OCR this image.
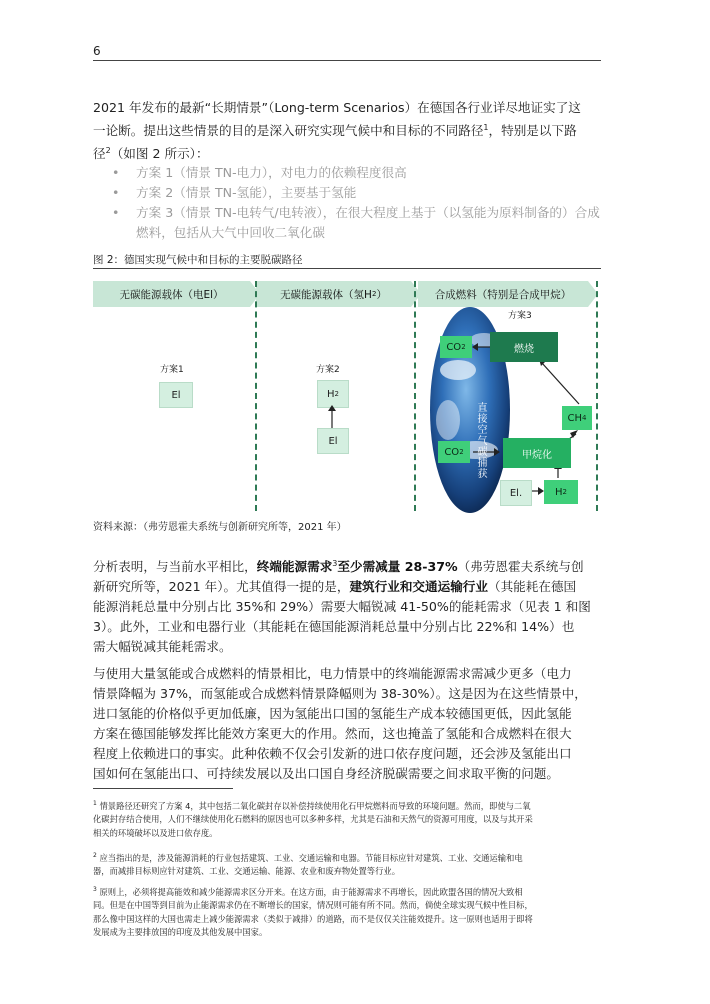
6
2021 年发布的最新“长期情景”（Long-term Scenarios）在德国各行业详尽地证实了这
一论断。提出这些情景的目的是深入研究实现气候中和目标的不同路径$^1$，特别是以下路
径$^2$（如图 2 所示）：
• 方案 1（情景 TN-电力），对电力的依赖程度很高
• 方案 2（情景 TN-氢能），主要基于氢能
• 方案 3（情景 TN-电转气/电转液），在很大程度上基于（以氢能为原料制备的）合成燃料，包括从大气中回收二氧化碳
图 2：德国实现气候中和目标的主要脱碳路径
无碳能源载体（电El）	无碳能源载体（氢H 2 ）	合成燃料（特别是合成甲烷）
方案1
El
方案2
H 2
El
方案3
CO 2	燃烧
CH 4
甲烷化
CO 2
El.	H 2
直接空气碳捕获
资料来源：（弗劳恩霍夫系统与创新研究所等，2021 年）
分析表明，与当前水平相比，终端能源需求$^3$至少需减量 28-37%（弗劳恩霍夫系统与创
新研究所等，2021 年）。尤其值得一提的是，建筑行业和交通运输行业（其能耗在德国
能源消耗总量中分别占比 35%和 29%）需要大幅锐减 41-50%的能耗需求（见表 1 和图
3）。此外，工业和电器行业（其能耗在德国能源消耗总量中分别占比 22%和 14%）也
需大幅锐减其能耗需求。
与使用大量氢能或合成燃料的情景相比，电力情景中的终端能源需求需减少更多（电力
情景降幅为 37%，而氢能或合成燃料情景降幅则为 38-30%）。这是因为在这些情景中，
进口氢能的价格似乎更加低廉，因为氢能出口国的氢能生产成本较德国更低，因此氢能
方案在德国能够发挥比能效方案更大的作用。然而，这也掩盖了氢能和合成燃料在很大
程度上依赖进口的事实。此种依赖不仅会引发新的进口依存度问题，还会涉及氢能出口
国如何在氢能出口、可持续发展以及出口国自身经济脱碳需要之间求取平衡的问题。
$^1$ 情景路径还研究了方案 4，其中包括二氧化碳封存以补偿持续使用化石甲烷燃料而导致的环境问题。然而，即使与二氧
化碳封存结合使用，人们不继续使用化石燃料的原因也可以多种多样，尤其是石油和天然气的资源可用度，以及与其开采
相关的环境破坏以及进口依存度。
$^2$ 应当指出的是，涉及能源消耗的行业包括建筑、工业、交通运输和电器。节能目标应针对建筑、工业、交通运输和电
器，而减排目标则应针对建筑、工业、交通运输、能源、农业和废弃物处置等行业。
$^3$ 原则上，必须将提高能效和减少能源需求区分开来。在这方面，由于能源需求不再增长，因此欧盟各国的情况大致相
同。但是在中国等到目前为止能源需求仍在不断增长的国家，情况则可能有所不同。然而，倘使全球实现气候中性目标，
那么像中国这样的大国也需走上减少能源需求（类似于减排）的道路，而不是仅仅关注能效提升。这一原则也适用于即将
发展成为主要排放国的印度及其他发展中国家。
